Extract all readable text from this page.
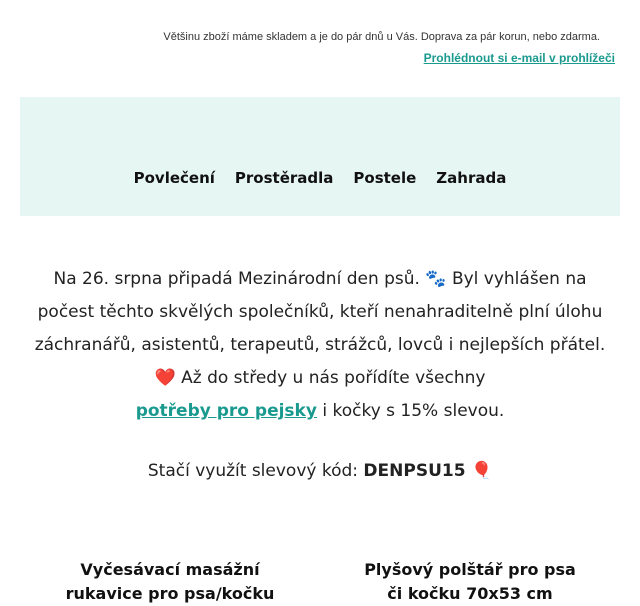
Většinu zboží máme skladem a je do pár dnů u Vás. Doprava za pár korun, nebo zdarma.
Prohlédnout si e-mail v prohlížeči
Povlečení Prostěradla Postele Zahrada

Na 26. srpna připadá Mezinárodní den psů. 🐾 Byl vyhlášen na počest těchto skvělých společníků, kteří nenahraditelně plní úlohu záchranářů, asistentů, terapeutů, strážců, lovců i nejlepších přátel. ❤️ Až do středy u nás pořídíte všechny
potřeby pro pejsky i kočky s 15% slevou.

Stačí využít slevový kód: DENPSU15 🎈

Vyčesávací masážní
rukavice pro psa/kočku
Plyšový polštář pro psa
či kočku 70x53 cm
